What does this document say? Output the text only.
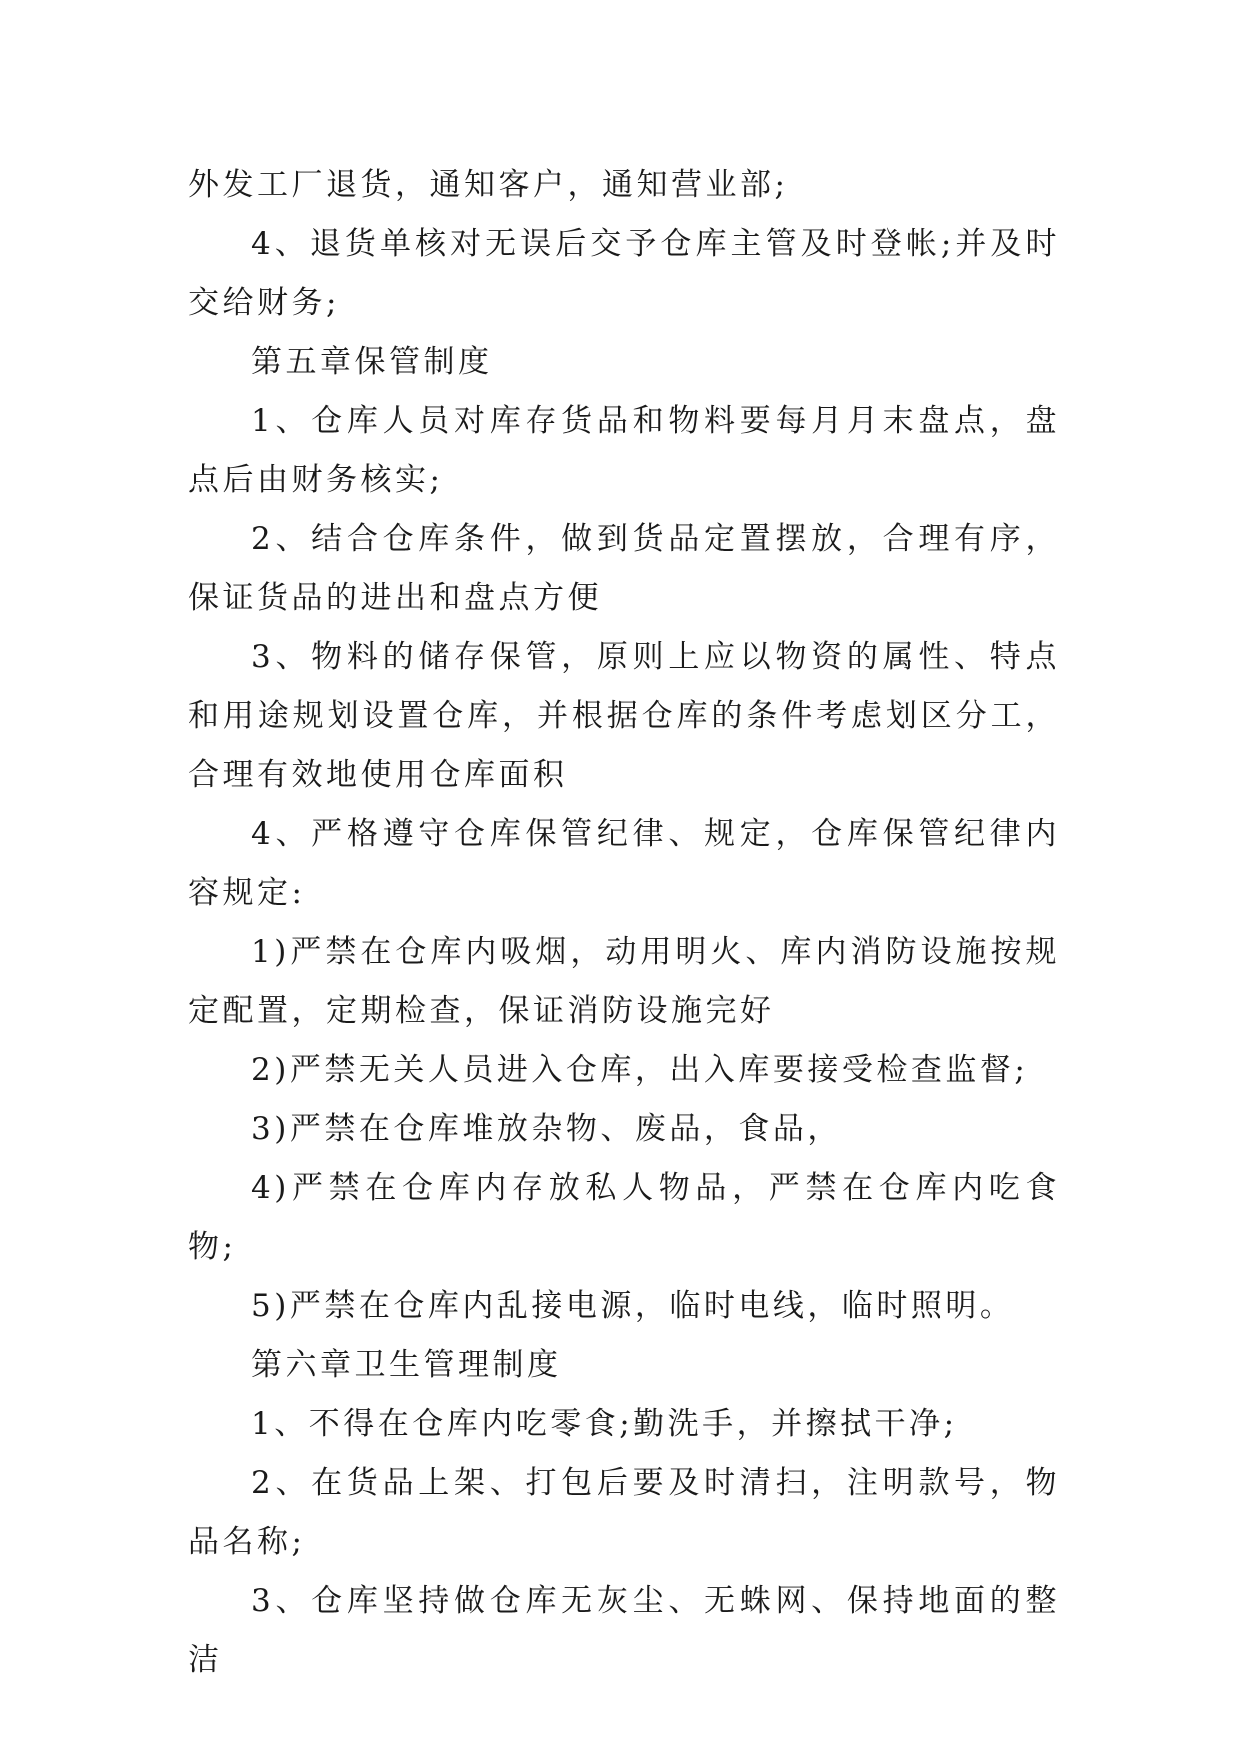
外发工厂退货，通知客户，通知营业部;

4、退货单核对无误后交予仓库主管及时登帐;并及时交给财务;

第五章保管制度

1、仓库人员对库存货品和物料要每月月末盘点，盘点后由财务核实;

2、结合仓库条件，做到货品定置摆放，合理有序，保证货品的进出和盘点方便

3、物料的储存保管，原则上应以物资的属性、特点和用途规划设置仓库，并根据仓库的条件考虑划区分工，合理有效地使用仓库面积

4、严格遵守仓库保管纪律、规定，仓库保管纪律内容规定:

1)严禁在仓库内吸烟，动用明火、库内消防设施按规定配置，定期检查，保证消防设施完好

2)严禁无关人员进入仓库，出入库要接受检查监督;

3)严禁在仓库堆放杂物、废品，食品，

4)严禁在仓库内存放私人物品，严禁在仓库内吃食物;

5)严禁在仓库内乱接电源，临时电线，临时照明。

第六章卫生管理制度

1、不得在仓库内吃零食;勤洗手，并擦拭干净;

2、在货品上架、打包后要及时清扫，注明款号，物品名称;

3、仓库坚持做仓库无灰尘、无蛛网、保持地面的整洁
